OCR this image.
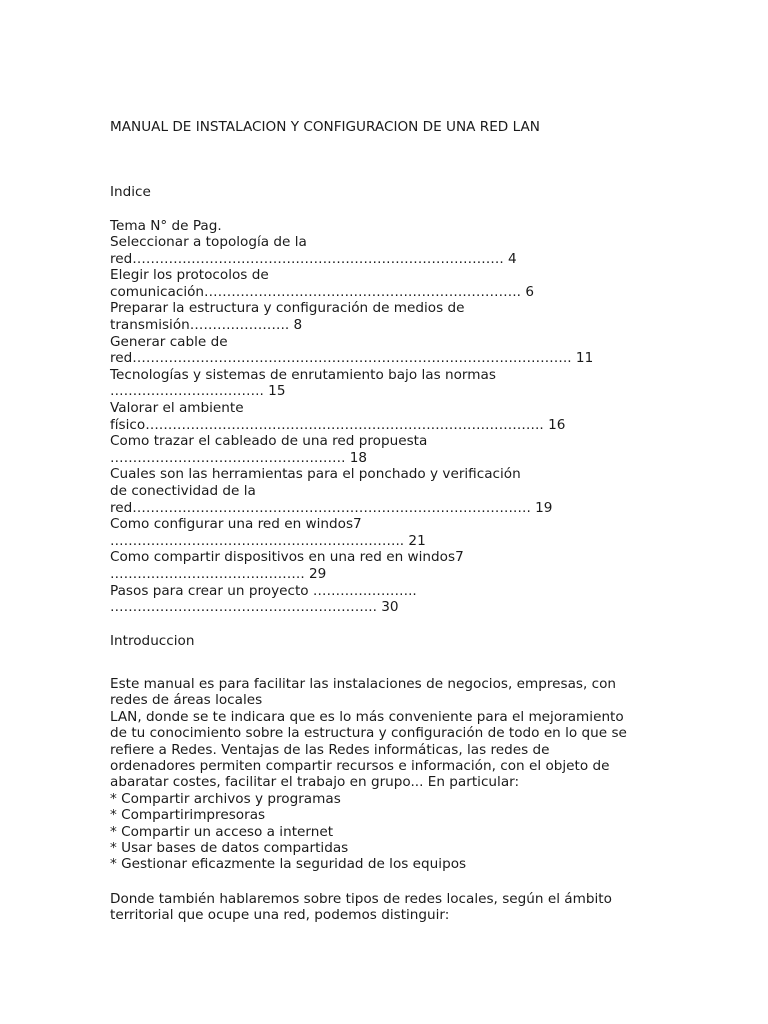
MANUAL DE INSTALACION Y CONFIGURACION DE UNA RED LAN
Indice
Tema N° de Pag.
Seleccionar a topología de la
red………………………………………………………………………. 4
Elegir los protocolos de
comunicación……………………………………………………………. 6
Preparar la estructura y configuración de medios de
transmisión…………………. 8
Generar cable de
red……………………………………………………………………………………. 11
Tecnologías y sistemas de enrutamiento bajo las normas
……………………………. 15
Valorar el ambiente
físico……………………………………………………………………………. 16
Como trazar el cableado de una red propuesta
……………………………………………. 18
Cuales son las herramientas para el ponchado y verificación
de conectividad de la
red……………………………………………………………………………. 19
Como configurar una red en windos7
……………………………………………………….. 21
Como compartir dispositivos en una red en windos7
……………………………………. 29
Pasos para crear un proyecto …………………..
………………………………………………….. 30
Introduccion
Este manual es para facilitar las instalaciones de negocios, empresas, con
redes de áreas locales
LAN, donde se te indicara que es lo más conveniente para el mejoramiento
de tu conocimiento sobre la estructura y configuración de todo en lo que se
refiere a Redes. Ventajas de las Redes informáticas, las redes de
ordenadores permiten compartir recursos e información, con el objeto de
abaratar costes, facilitar el trabajo en grupo... En particular:
* Compartir archivos y programas
* Compartirimpresoras
* Compartir un acceso a internet
* Usar bases de datos compartidas
* Gestionar eficazmente la seguridad de los equipos
Donde también hablaremos sobre tipos de redes locales, según el ámbito
territorial que ocupe una red, podemos distinguir:
